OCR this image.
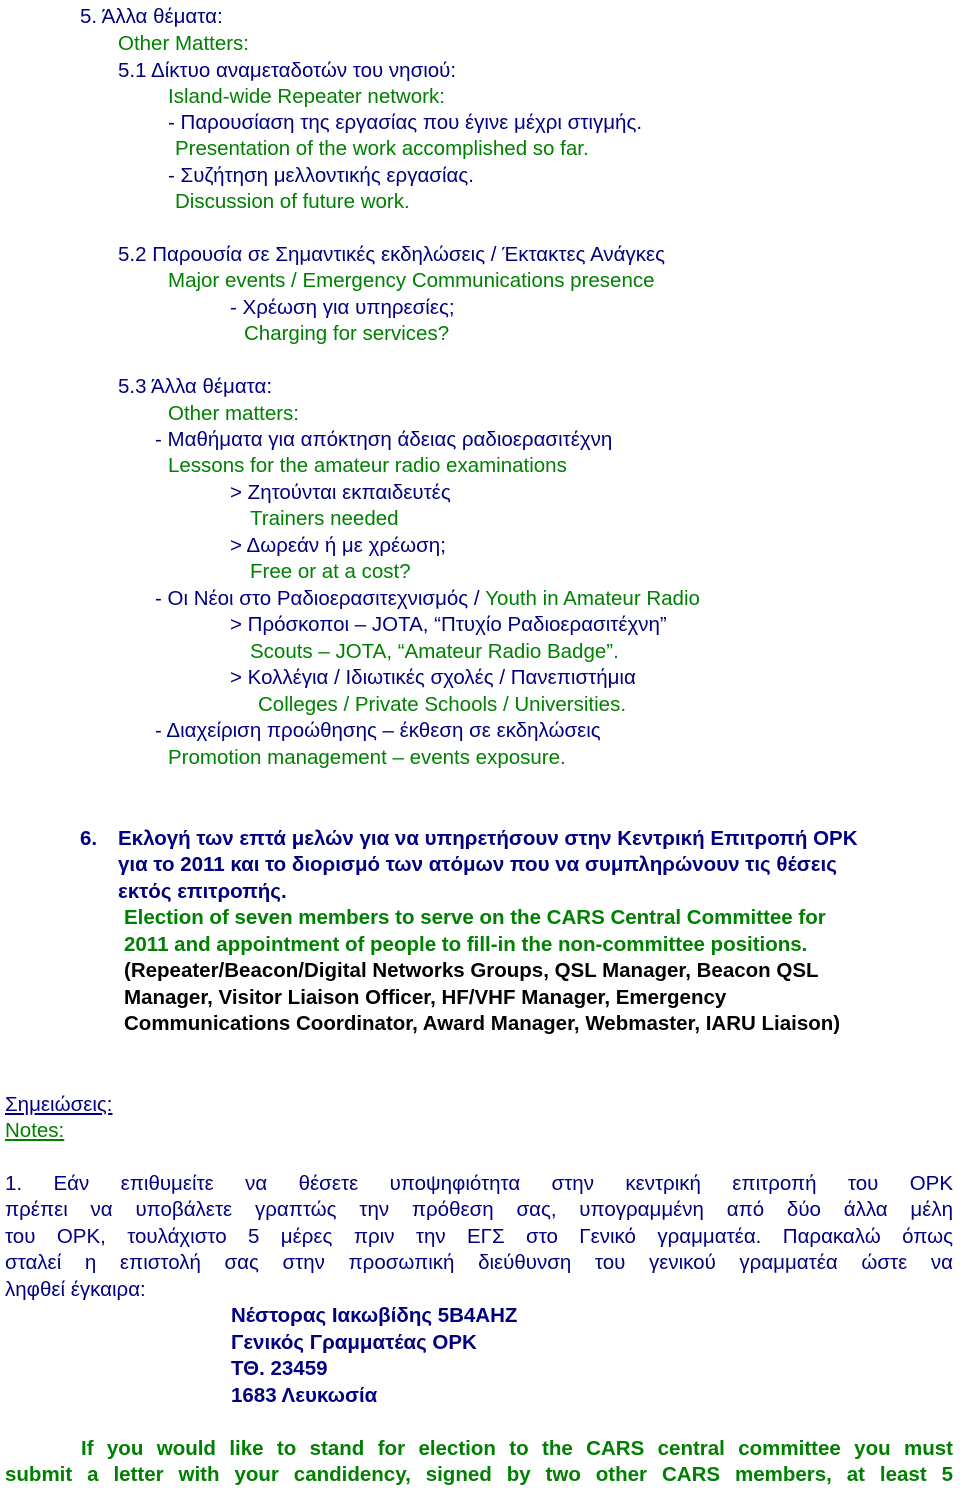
5. Άλλα θέματα:
Other Matters:
5.1 Δίκτυο αναμεταδοτών του νησιού:
Island-wide Repeater network:
- Παρουσίαση της εργασίας που έγινε μέχρι στιγμής.
Presentation of the work accomplished so far.
- Συζήτηση μελλοντικής εργασίας.
Discussion of future work.
5.2 Παρουσία σε Σημαντικές εκδηλώσεις / Έκτακτες Ανάγκες
Major events / Emergency Communications presence
- Χρέωση για υπηρεσίες;
Charging for services?
5.3 Άλλα θέματα:
Other matters:
- Μαθήματα για απόκτηση άδειας ραδιοερασιτέχνη
Lessons for the amateur radio examinations
> Ζητούνται εκπαιδευτές
Trainers needed
> Δωρεάν ή με χρέωση;
Free or at a cost?
- Οι Νέοι στο Ραδιοερασιτεχνισμός / Youth in Amateur Radio
> Πρόσκοποι – JOTA, “Πτυχίο Ραδιοερασιτέχνη”
Scouts – JOTA, “Amateur Radio Badge”.
> Κολλέγια / Ιδιωτικές σχολές / Πανεπιστήμια
Colleges / Private Schools / Universities.
- Διαχείριση προώθησης – έκθεση σε εκδηλώσεις
Promotion management – events exposure.
6. Εκλογή των επτά μελών για να υπηρετήσουν στην Κεντρική Επιτροπή ΟΡΚ
για το 2011 και το διορισμό των ατόμων που να συμπληρώνουν τις θέσεις
εκτός επιτροπής.
Election of seven members to serve on the CARS Central Committee for
2011 and appointment of people to fill-in the non-committee positions.
(Repeater/Beacon/Digital Networks Groups, QSL Manager, Beacon QSL
Manager, Visitor Liaison Officer, HF/VHF Manager, Emergency
Communications Coordinator, Award Manager, Webmaster, IARU Liaison)
Σημειώσεις:
Notes:
1. Εάν επιθυμείτε να θέσετε υποψηφιότητα στην κεντρική επιτροπή του ΟΡΚ
πρέπει να υποβάλετε γραπτώς την πρόθεση σας, υπογραμμένη από δύο άλλα μέλη
του ΟΡΚ, τουλάχιστο 5 μέρες πριν την ΕΓΣ στο Γενικό γραμματέα. Παρακαλώ όπως
σταλεί η επιστολή σας στην προσωπική διεύθυνση του γενικού γραμματέα ώστε να
ληφθεί έγκαιρα:
Νέστορας Ιακωβίδης 5B4AHZ
Γενικός Γραμματέας ΟΡΚ
ΤΘ. 23459
1683 Λευκωσία
If you would like to stand for election to the CARS central committee you must
submit a letter with your candidency, signed by two other CARS members, at least 5
